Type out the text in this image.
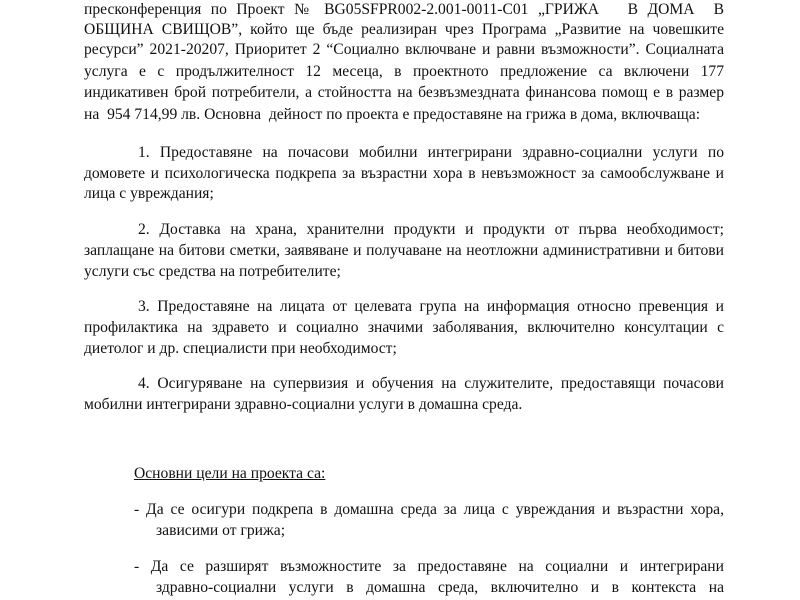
пресконференция по Проект № BG05SFPR002-2.001-0011-C01 „ГРИЖА   В ДОМА  В
ОБЩИНА СВИЩОВ”, който ще бъде реализиран чрез Програма „Развитие на човешките
ресурси” 2021-20207, Приоритет 2 “Социално включване и равни възможности”. Социалната
услуга е с продължителност 12 месеца, в проектното предложение са включени 177
индикативен брой потребители, а стойността на безвъзмездната финансова помощ е в размер
на  954 714,99 лв. Основна  дейност по проекта е предоставяне на грижа в дома, включваща:
1. Предоставяне на почасови мобилни интегрирани здравно-социални услуги по
домовете и психологическа подкрепа за възрастни хора в невъзможност за самообслужване и
лица с увреждания;
2. Доставка на храна, хранителни продукти и продукти от първа необходимост;
заплащане на битови сметки, заявяване и получаване на неотложни административни и битови
услуги със средства на потребителите;
3. Предоставяне на лицата от целевата група на информация относно превенция и
профилактика на здравето и социално значими заболявания, включително консултации с
диетолог и др. специалисти при необходимост;
4. Осигуряване на супервизия и обучения на служителите, предоставящи почасови
мобилни интегрирани здравно-социални услуги в домашна среда.
Основни цели на проекта са:
- Да се осигури подкрепа в домашна среда за лица с увреждания и възрастни хора,
зависими от грижа;
- Да се разширят възможностите за предоставяне на социални и интегрирани
здравно-социални услуги в домашна среда, включително и в контекста на
